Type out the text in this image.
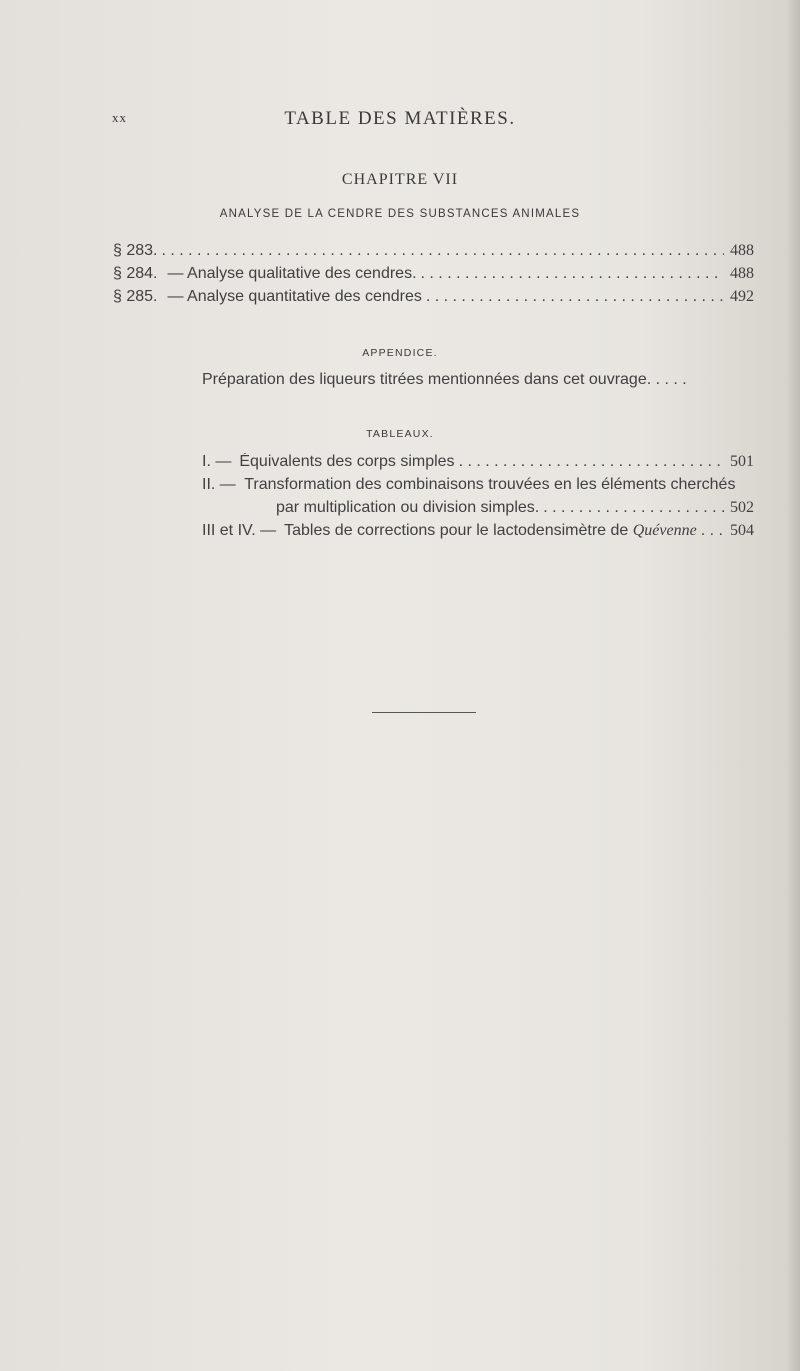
xx	TABLE DES MATIÈRES.
CHAPITRE VII
ANALYSE DE LA CENDRE DES SUBSTANCES ANIMALES
§ 283. . . .	488
§ 284. — Analyse qualitative des cendres. . . .	488
§ 285. — Analyse quantitative des cendres . . .	492
APPENDICE.
Préparation des liqueurs titrées mentionnées dans cet ouvrage. . . . .
TABLEAUX.
I. — Équivalents des corps simples . . .	501
II. — Transformation des combinaisons trouvées en les éléments cherchés
par multiplication ou division simples. . . .	502
III et IV. — Tables de corrections pour le lactodensimètre de Quévenne . . .	504
